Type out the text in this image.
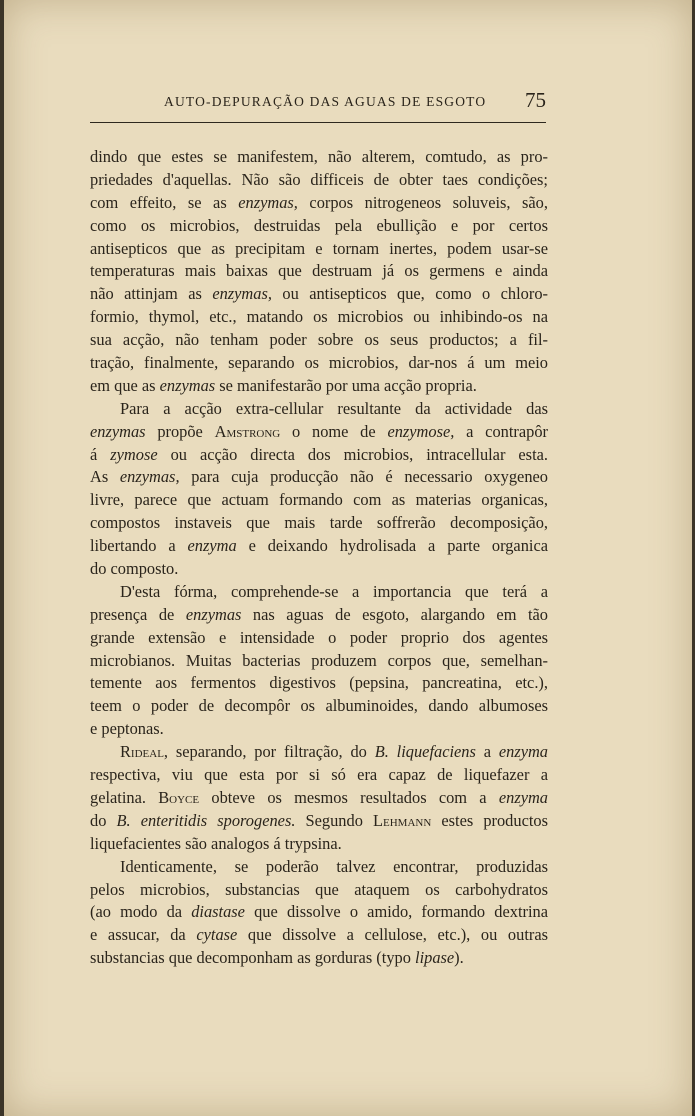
AUTO-DEPURAÇÃO DAS AGUAS DE ESGOTO 75
dindo que estes se manifestem, não alterem, comtudo, as pro-
priedades d'aquellas. Não são difficeis de obter taes condições;
com effeito, se as enzymas, corpos nitrogeneos soluveis, são,
como os microbios, destruidas pela ebullição e por certos
antisepticos que as precipitam e tornam inertes, podem usar-se
temperaturas mais baixas que destruam já os germens e ainda
não attinjam as enzymas, ou antisepticos que, como o chloro-
formio, thymol, etc., matando os microbios ou inhibindo-os na
sua acção, não tenham poder sobre os seus productos; a fil-
tração, finalmente, separando os microbios, dar-nos á um meio
em que as enzymas se manifestarão por uma acção propria.
Para a acção extra-cellular resultante da actividade das
enzymas propõe Amstrong o nome de enzymose, a contrapôr
á zymose ou acção directa dos microbios, intracellular esta.
As enzymas, para cuja producção não é necessario oxygeneo
livre, parece que actuam formando com as materias organicas,
compostos instaveis que mais tarde soffrerão decomposição,
libertando a enzyma e deixando hydrolisada a parte organica
do composto.
D'esta fórma, comprehende-se a importancia que terá a
presença de enzymas nas aguas de esgoto, alargando em tão
grande extensão e intensidade o poder proprio dos agentes
microbianos. Muitas bacterias produzem corpos que, semelhan-
temente aos fermentos digestivos (pepsina, pancreatina, etc.),
teem o poder de decompôr os albuminoides, dando albumoses
e peptonas.
Rideal, separando, por filtração, do B. liquefaciens a enzyma
respectiva, viu que esta por si só era capaz de liquefazer a
gelatina. Boyce obteve os mesmos resultados com a enzyma
do B. enteritidis sporogenes. Segundo Lehmann estes productos
liquefacientes são analogos á trypsina.
Identicamente, se poderão talvez encontrar, produzidas
pelos microbios, substancias que ataquem os carbohydratos
(ao modo da diastase que dissolve o amido, formando dextrina
e assucar, da cytase que dissolve a cellulose, etc.), ou outras
substancias que decomponham as gorduras (typo lipase).
